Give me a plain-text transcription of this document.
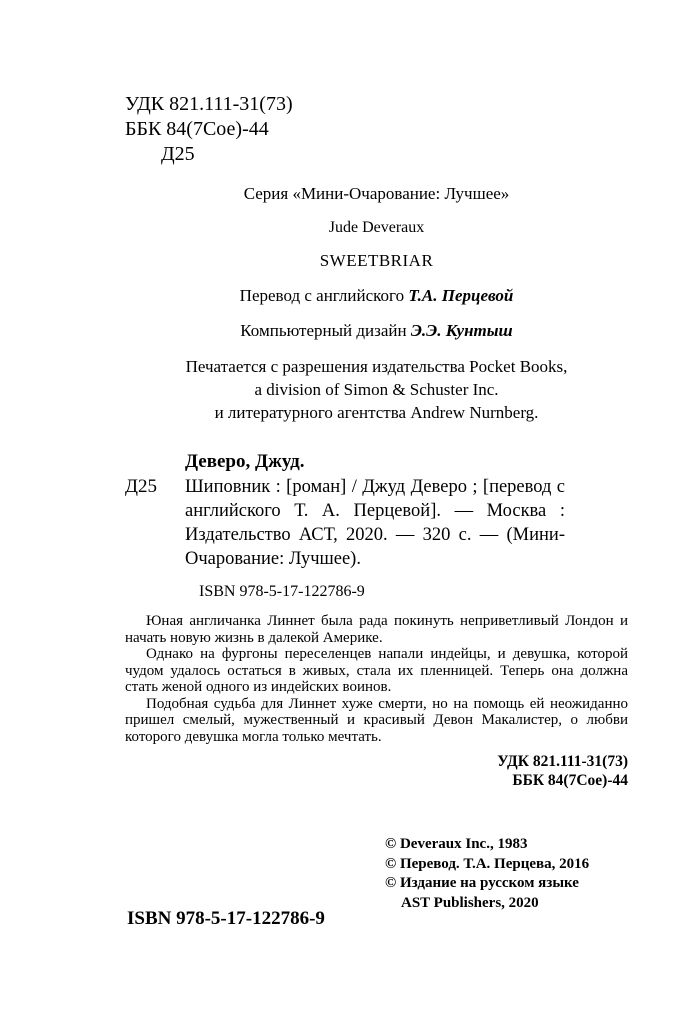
УДК 821.111-31(73)
ББК 84(7Сое)-44
Д25
Серия «Мини-Очарование: Лучшее»
Jude Deveraux
SWEETBRIAR
Перевод с английского Т.А. Перцевой
Компьютерный дизайн Э.Э. Кунтыш
Печатается с разрешения издательства Pocket Books,
a division of Simon & Schuster Inc.
и литературного агентства Andrew Nurnberg.
Деверо, Джуд.
Д25	Шиповник : [роман] / Джуд Деверо ; [перевод с английского Т. А. Перцевой]. — Москва : Издательство АСТ, 2020. — 320 с. — (Мини-Очарование: Лучшее).

ISBN 978-5-17-122786-9

Юная англичанка Линнет была рада покинуть неприветливый Лондон и начать новую жизнь в далекой Америке.

Однако на фургоны переселенцев напали индейцы, и девушка, которой чудом удалось остаться в живых, стала их пленницей. Теперь она должна стать женой одного из индейских воинов.

Подобная судьба для Линнет хуже смерти, но на помощь ей неожиданно пришел смелый, мужественный и красивый Девон Макалистер, о любви которого девушка могла только мечтать.

УДК 821.111-31(73)
ББК 84(7Сое)-44
© Deveraux Inc., 1983
© Перевод. Т.А. Перцева, 2016
© Издание на русском языке
AST Publishers, 2020
ISBN 978-5-17-122786-9
